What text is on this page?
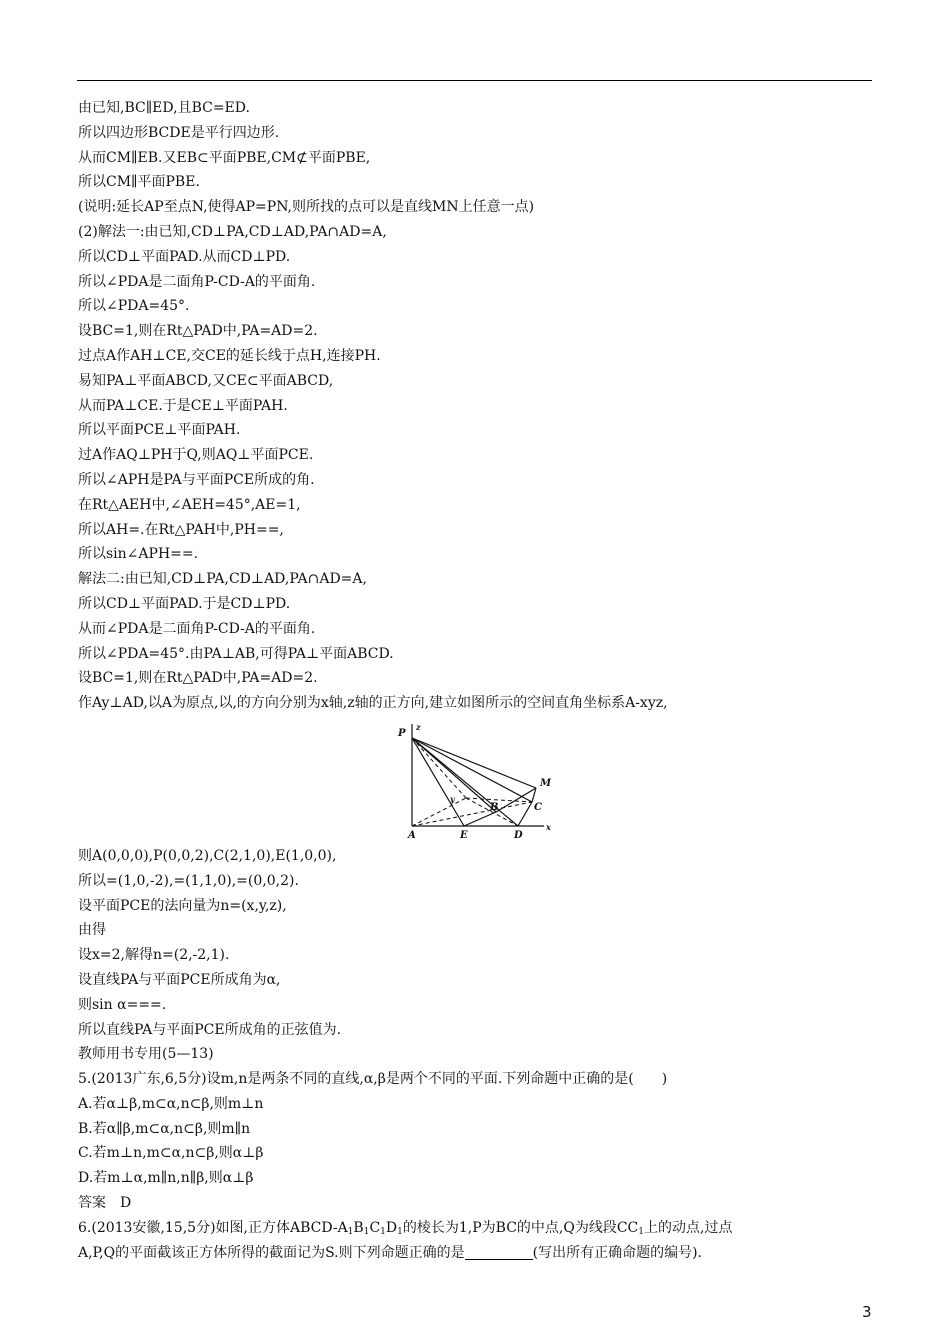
由已知,BC∥ED,且BC=ED.
所以四边形BCDE是平行四边形.
从而CM∥EB.又EB⊂平面PBE,CM⊄平面PBE,
所以CM∥平面PBE.
(说明:延长AP至点N,使得AP=PN,则所找的点可以是直线MN上任意一点)
(2)解法一:由已知,CD⊥PA,CD⊥AD,PA∩AD=A,
所以CD⊥平面PAD.从而CD⊥PD.
所以∠PDA是二面角P-CD-A的平面角.
所以∠PDA=45°.
设BC=1,则在Rt△PAD中,PA=AD=2.
过点A作AH⊥CE,交CE的延长线于点H,连接PH.
易知PA⊥平面ABCD,又CE⊂平面ABCD,
从而PA⊥CE.于是CE⊥平面PAH.
所以平面PCE⊥平面PAH.
过A作AQ⊥PH于Q,则AQ⊥平面PCE.
所以∠APH是PA与平面PCE所成的角.
在Rt△AEH中,∠AEH=45°,AE=1,
所以AH=.在Rt△PAH中,PH==,
所以sin∠APH==.
解法二:由已知,CD⊥PA,CD⊥AD,PA∩AD=A,
所以CD⊥平面PAD.于是CD⊥PD.
从而∠PDA是二面角P-CD-A的平面角.
所以∠PDA=45°.由PA⊥AB,可得PA⊥平面ABCD.
设BC=1,则在Rt△PAD中,PA=AD=2.
作Ay⊥AD,以A为原点,以,的方向分别为x轴,z轴的正方向,建立如图所示的空间直角坐标系A-xyz,
P
z
M
C
B
y
A	E	D
x
则A(0,0,0),P(0,0,2),C(2,1,0),E(1,0,0),
所以=(1,0,-2),=(1,1,0),=(0,0,2).
设平面PCE的法向量为n=(x,y,z),
由得
设x=2,解得n=(2,-2,1).
设直线PA与平面PCE所成角为α,
则sin α===.
所以直线PA与平面PCE所成角的正弦值为.
教师用书专用(5—13)
5.(2013广东,6,5分)设m,n是两条不同的直线,α,β是两个不同的平面.下列命题中正确的是(　　)
A.若α⊥β,m⊂α,n⊂β,则m⊥n
B.若α∥β,m⊂α,n⊂β,则m∥n
C.若m⊥n,m⊂α,n⊂β,则α⊥β
D.若m⊥α,m∥n,n∥β,则α⊥β
答案　D
6.(2013安徽,15,5分)如图,正方体ABCD-$A_1B_1C_1D_1$的棱长为1,P为BC的中点,Q为线段$CC_1$上的动点,过点
A,P,Q的平面截该正方体所得的截面记为S.则下列命题正确的是	(写出所有正确命题的编号).
3
